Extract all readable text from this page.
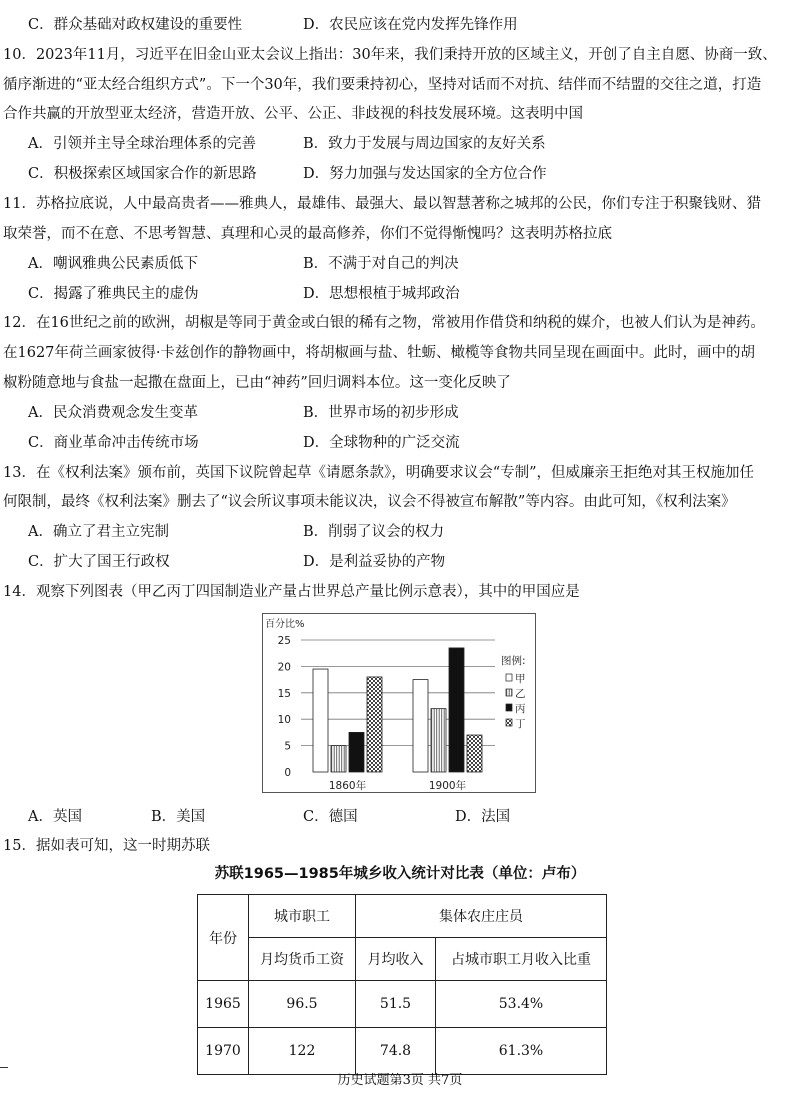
C．群众基础对政权建设的重要性	D．农民应该在党内发挥先锋作用
10．2023年11月，习近平在旧金山亚太会议上指出：30年来，我们秉持开放的区域主义，开创了自主自愿、协商一致、
循序渐进的“亚太经合组织方式”。下一个30年，我们要秉持初心，坚持对话而不对抗、结伴而不结盟的交往之道，打造
合作共赢的开放型亚太经济，营造开放、公平、公正、非歧视的科技发展环境。这表明中国
A．引领并主导全球治理体系的完善	B．致力于发展与周边国家的友好关系
C．积极探索区域国家合作的新思路	D．努力加强与发达国家的全方位合作
11．苏格拉底说，人中最高贵者——雅典人，最雄伟、最强大、最以智慧著称之城邦的公民，你们专注于积聚钱财、猎
取荣誉，而不在意、不思考智慧、真理和心灵的最高修养，你们不觉得惭愧吗？这表明苏格拉底
A．嘲讽雅典公民素质低下	B．不满于对自己的判决
C．揭露了雅典民主的虚伪	D．思想根植于城邦政治
12．在16世纪之前的欧洲，胡椒是等同于黄金或白银的稀有之物，常被用作借贷和纳税的媒介，也被人们认为是神药。
在1627年荷兰画家彼得·卡兹创作的静物画中，将胡椒画与盐、牡蛎、橄榄等食物共同呈现在画面中。此时，画中的胡
椒粉随意地与食盐一起撒在盘面上，已由“神药”回归调料本位。这一变化反映了
A．民众消费观念发生变革	B．世界市场的初步形成
C．商业革命冲击传统市场	D．全球物种的广泛交流
13．在《权利法案》颁布前，英国下议院曾起草《请愿条款》，明确要求议会“专制”，但威廉亲王拒绝对其王权施加任
何限制，最终《权利法案》删去了“议会所议事项未能议决，议会不得被宣布解散”等内容。由此可知，《权利法案》
A．确立了君主立宪制	B．削弱了议会的权力
C．扩大了国王行政权	D．是利益妥协的产物
14．观察下列图表（甲乙丙丁四国制造业产量占世界总产量比例示意表），其中的甲国应是
百分比%
0
5
10
15
20
25
1860年	1900年
图例:
甲
乙
丙
丁
A．英国	B．美国	C．德国	D．法国
15．据如表可知，这一时期苏联
苏联1965—1985年城乡收入统计对比表（单位：卢布）
年份	城市职工	集体农庄庄员	
	月均货币工资	月均收入	占城市职工月收入比重
1965	96.5	51.5	53.4%
1970	122	74.8	61.3%
历史试题第3页 共7页
